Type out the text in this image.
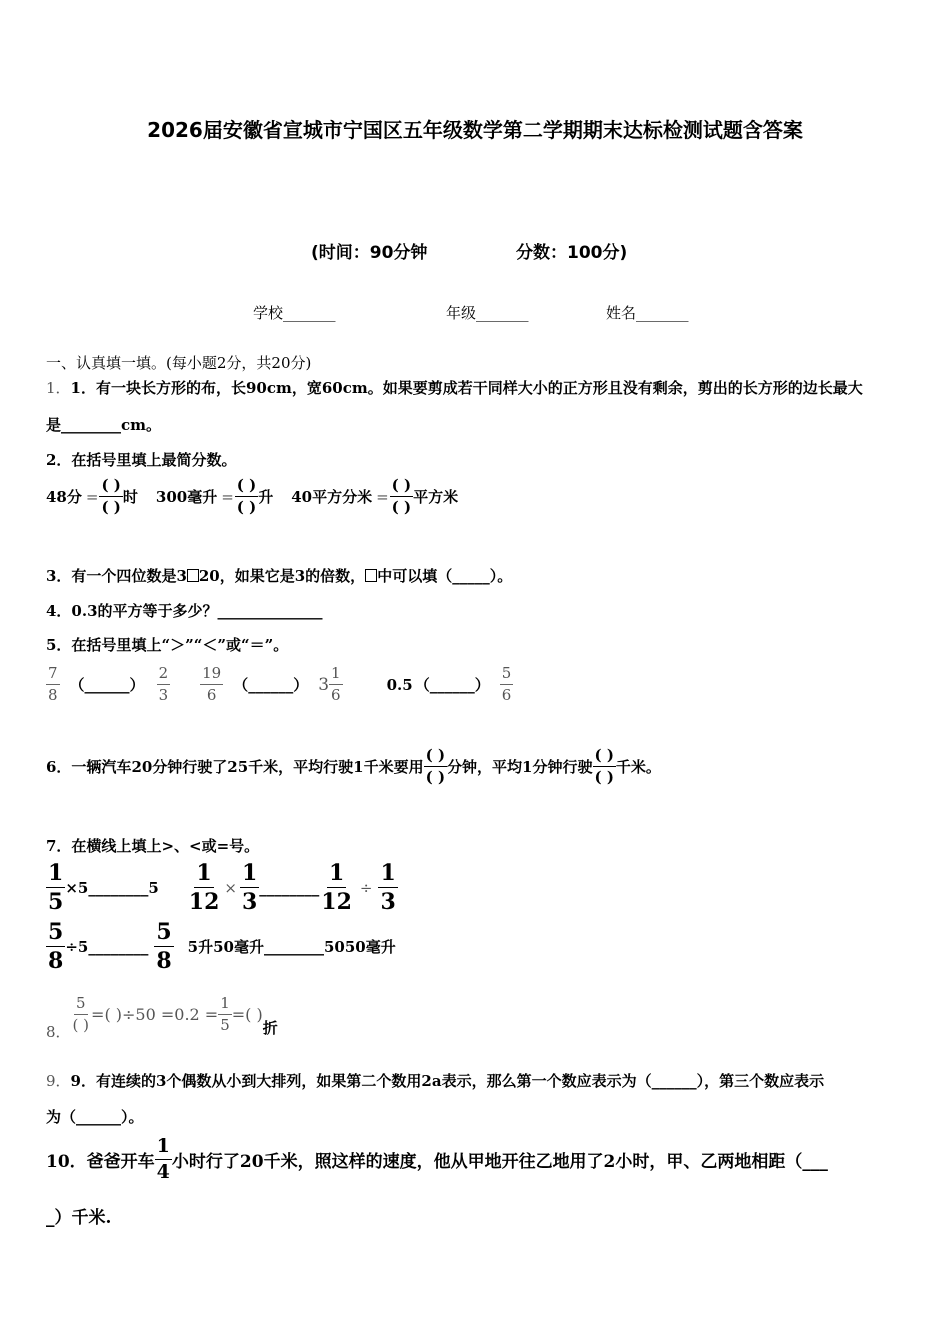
2026届安徽省宣城市宁国区五年级数学第二学期期末达标检测试题含答案
(时间：90分钟	分数：100分)
学校_______	年级_______	姓名_______
一、认真填一填。(每小题2分，共20分)
1．1．有一块长方形的布，长90cm，宽60cm。如果要剪成若干同样大小的正方形且没有剩余，剪出的长方形的边长最大
是________cm。
2．在括号里填上最简分数。
48分 = $\frac{( )}{( )}$ 时 300毫升 = $\frac{( )}{( )}$ 升 40平方分米 = $\frac{( )}{( )}$ 平方米
3．有一个四位数是3 20，如果它是3的倍数， 中可以填（_____）。
4．0.3的平方等于多少？______________
5．在括号里填上“＞”“＜”或“＝”。
$\frac{7}{8}$ （______） $\frac{2}{3} \frac{19}{6}$ （______） $3 \frac{1}{6}$	0.5 （______） $\frac{5}{6}$
6．一辆汽车20分钟行驶了25千米，平均行驶1千米要用 $\frac{( )}{( )}$ 分钟，平均1分钟行驶 $\frac{( )}{( )}$ 千米。
7．在横线上填上>、<或=号。
$\frac{1}{5}$ ×5________5 $\frac{1}{12} \times \frac{1}{3}$ ________ $\frac{1}{12} \div \frac{1}{3}$
$\frac{5}{8}$ ÷5________ $\frac{5}{8} 5$升50毫升________5050毫升
8． $\frac{5}{( )}$ =( )$\div 50 =0.2 = \frac{1}{5}$ =( )
折
9．9．有连续的3个偶数从小到大排列，如果第二个数用2a表示，那么第一个数应表示为（______），第三个数应表示
为（______）。
10．爸爸开车 $\frac{1}{4}$ 小时行了20千米，照这样的速度，他从甲地开往乙地用了2小时，甲、乙两地相距（___
_）千米.
